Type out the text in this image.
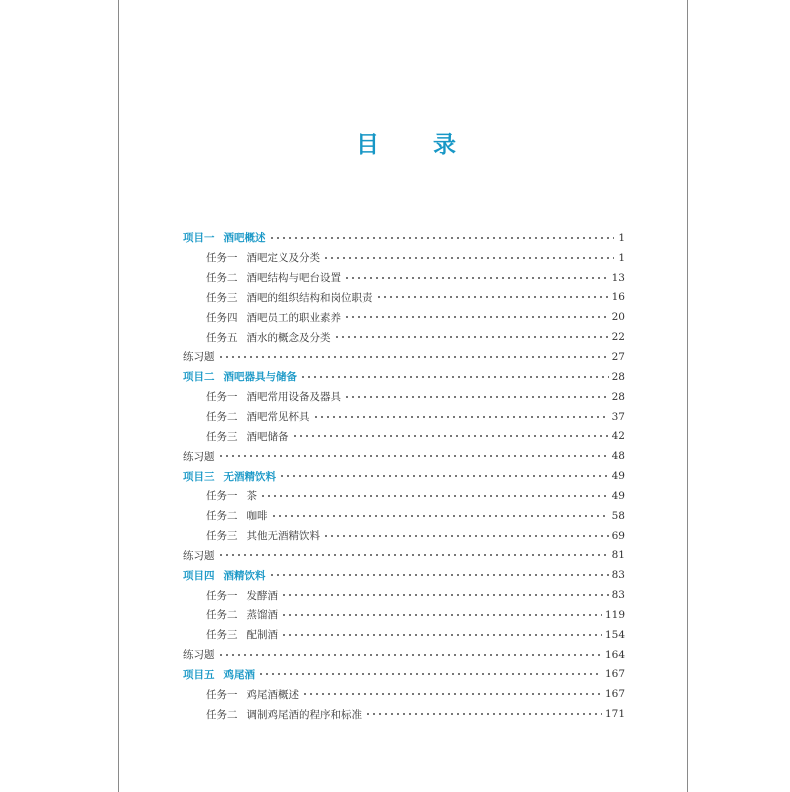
目 录
项目一 酒吧概述	1
任务一 酒吧定义及分类	1
任务二 酒吧结构与吧台设置	13
任务三 酒吧的组织结构和岗位职责	16
任务四 酒吧员工的职业素养	20
任务五 酒水的概念及分类	22
练习题	27
项目二 酒吧器具与储备	28
任务一 酒吧常用设备及器具	28
任务二 酒吧常见杯具	37
任务三 酒吧储备	42
练习题	48
项目三 无酒精饮料	49
任务一 茶	49
任务二 咖啡	58
任务三 其他无酒精饮料	69
练习题	81
项目四 酒精饮料	83
任务一 发酵酒	83
任务二 蒸馏酒	119
任务三 配制酒	154
练习题	164
项目五 鸡尾酒	167
任务一 鸡尾酒概述	167
任务二 调制鸡尾酒的程序和标准	171
